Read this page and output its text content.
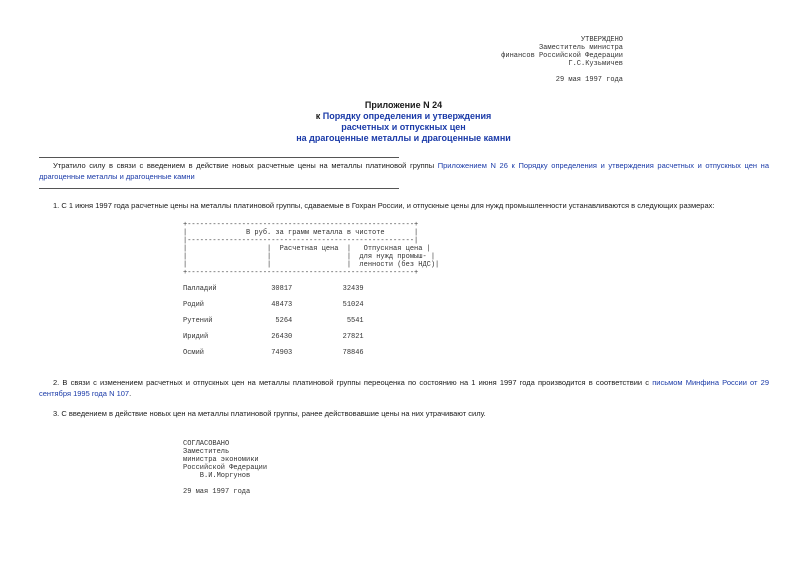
УТВЕРЖДЕНО
Заместитель министра
финансов Российской Федерации
Г.С.Кузьмичев

29 мая 1997 года
Приложение N 24
к Порядку определения и утверждения
расчетных и отпускных цен
на драгоценные металлы и драгоценные камни
Утратило силу в связи с введением в действие новых расчетные цены на металлы платиновой группы Приложением N 26 к Порядку определения и утверждения расчетных и отпускных цен на драгоценные металлы и драгоценные камни
1. С 1 июня 1997 года расчетные цены на металлы платиновой группы, сдаваемые в Гохран России, и отпускные цены для нужд промышленности устанавливаются в следующих размерах:
+------------------------------------------------------+
|              В руб. за грамм металла в чистоте       |
|------------------------------------------------------|
|                   |  Расчетная цена  |   Отпускная цена |
|                   |                  |  для нужд промыш- |
|                   |                  |  ленности (без НДС)|
+------------------------------------------------------+

Палладий             30817            32439

Родий                48473            51024

Рутений               5264             5541

Иридий               26430            27821

Осмий                74903            78846
2. В связи с изменением расчетных и отпускных цен на металлы платиновой группы переоценка по состоянию на 1 июня 1997 года производится в соответствии с письмом Минфина России от 29 сентября 1995 года N 107.
3. С введением в действие новых цен на металлы платиновой группы, ранее действовавшие цены на них утрачивают силу.
СОГЛАСОВАНО
Заместитель
министра экономики
Российской Федерации
В.И.Моргунов

29 мая 1997 года
